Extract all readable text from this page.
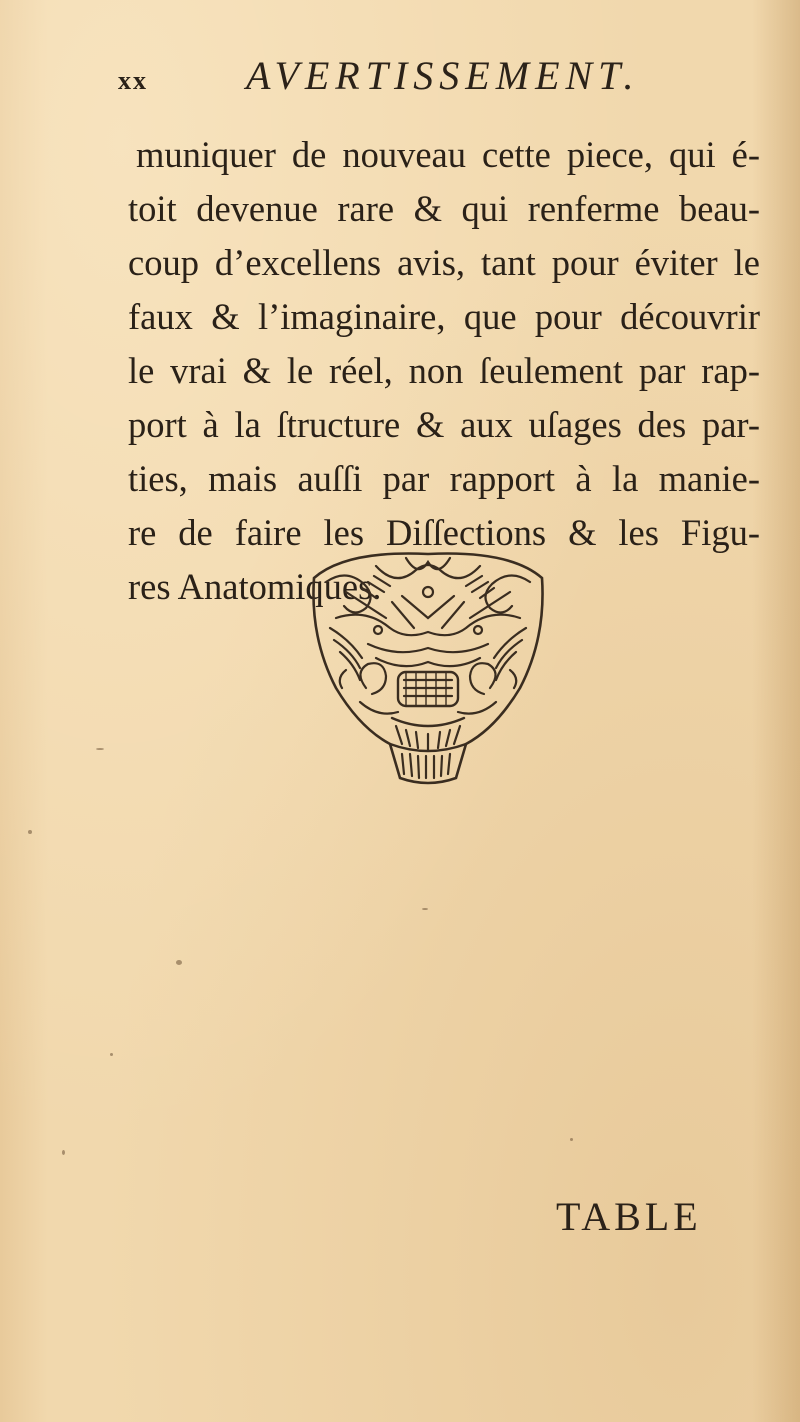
xx AVERTISSEMENT.
muniquer de nouveau cette piece, qui é-
toit devenue rare & qui renferme beau-
coup d’excellens avis, tant pour éviter le
faux & l’imaginaire, que pour découvrir
le vrai & le réel, non ſeulement par rap-
port à la ſtructure & aux uſages des par-
ties, mais auſſi par rapport à la manie-
re de faire les Diſſections & les Figu-
res Anatomiques.
TABLE
